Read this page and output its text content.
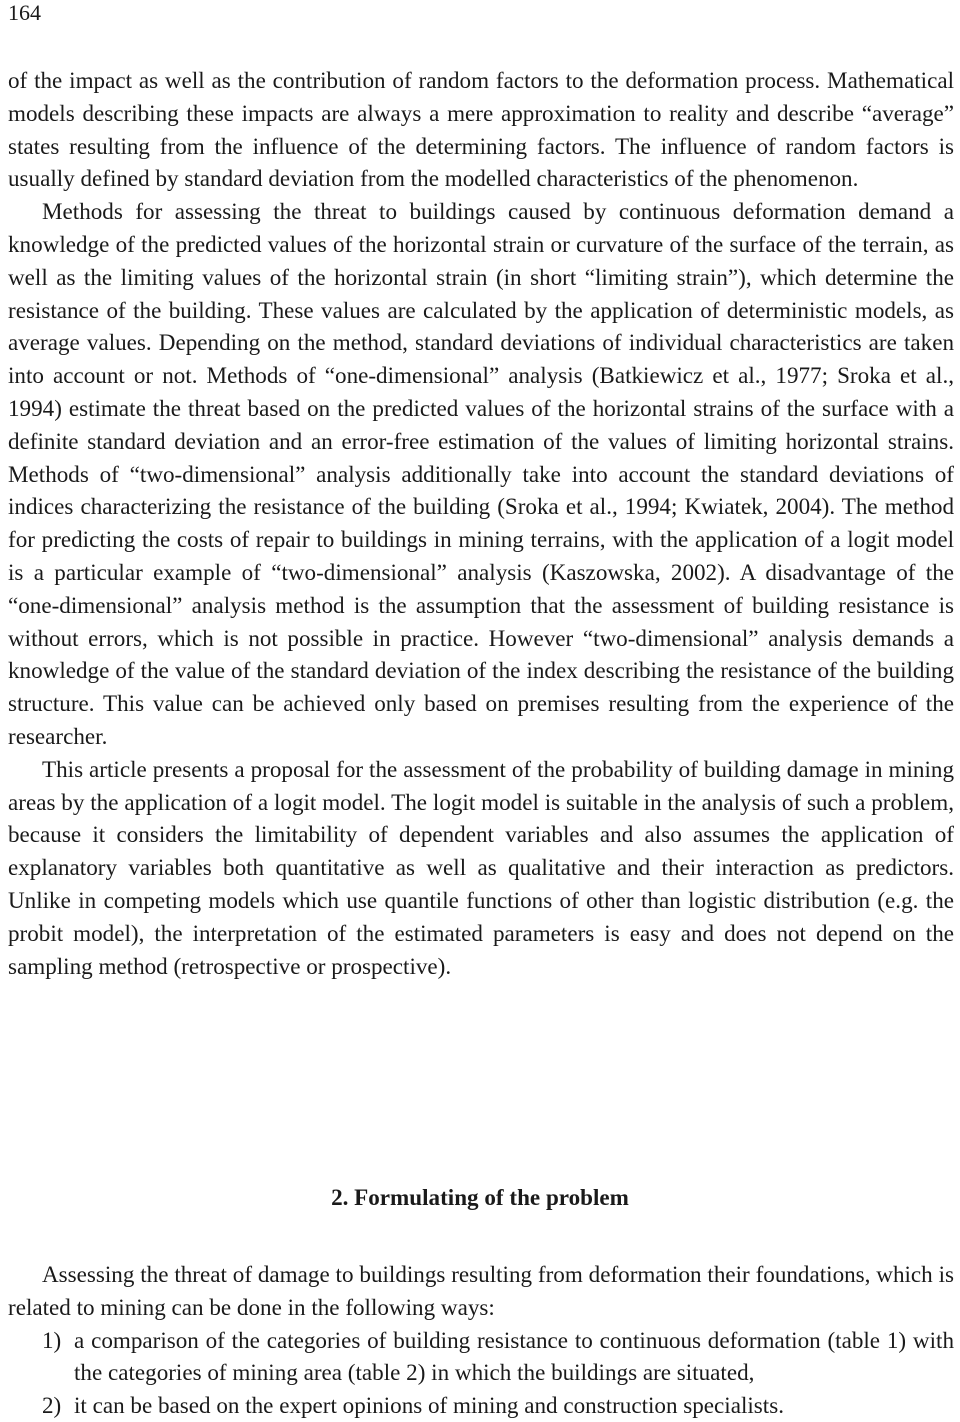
164

of the impact as well as the contribution of random factors to the deformation process. Mathematical models describing these impacts are always a mere approximation to reality and describe “average” states resulting from the influence of the determining factors. The influence of random factors is usually defined by standard deviation from the modelled characteristics of the phenomenon.

Methods for assessing the threat to buildings caused by continuous deformation demand a knowledge of the predicted values of the horizontal strain or curvature of the surface of the terrain, as well as the limiting values of the horizontal strain (in short “limiting strain”), which determine the resistance of the building. These values are calculated by the application of deterministic models, as average values. Depending on the method, standard deviations of individual characteristics are taken into account or not. Methods of “one-dimensional” analysis (Batkiewicz et al., 1977; Sroka et al., 1994) estimate the threat based on the predicted values of the horizontal strains of the surface with a definite standard deviation and an error-free estimation of the values of limiting horizontal strains. Methods of “two-dimensional” analysis additionally take into account the standard deviations of indices characterizing the resistance of the building (Sroka et al., 1994; Kwiatek, 2004). The method for predicting the costs of repair to buildings in mining terrains, with the application of a logit model is a particular example of “two-dimensional” analysis (Kaszowska, 2002). A disadvantage of the “one-dimensional” analysis method is the assumption that the assessment of building resistance is without errors, which is not possible in practice. However “two-dimensional” analysis demands a knowledge of the value of the standard deviation of the index describing the resistance of the building structure. This value can be achieved only based on premises resulting from the experience of the researcher.

This article presents a proposal for the assessment of the probability of building damage in mining areas by the application of a logit model. The logit model is suitable in the analysis of such a problem, because it considers the limitability of dependent variables and also assumes the application of explanatory variables both quantitative as well as qualitative and their interaction as predictors. Unlike in competing models which use quantile functions of other than logistic distribution (e.g. the probit model), the interpretation of the estimated parameters is easy and does not depend on the sampling method (retrospective or prospective).

2. Formulating of the problem

Assessing the threat of damage to buildings resulting from deformation their foundations, which is related to mining can be done in the following ways:

1) a comparison of the categories of building resistance to continuous deformation (table 1) with the categories of mining area (table 2) in which the buildings are situated,
2) it can be based on the expert opinions of mining and construction specialists.
